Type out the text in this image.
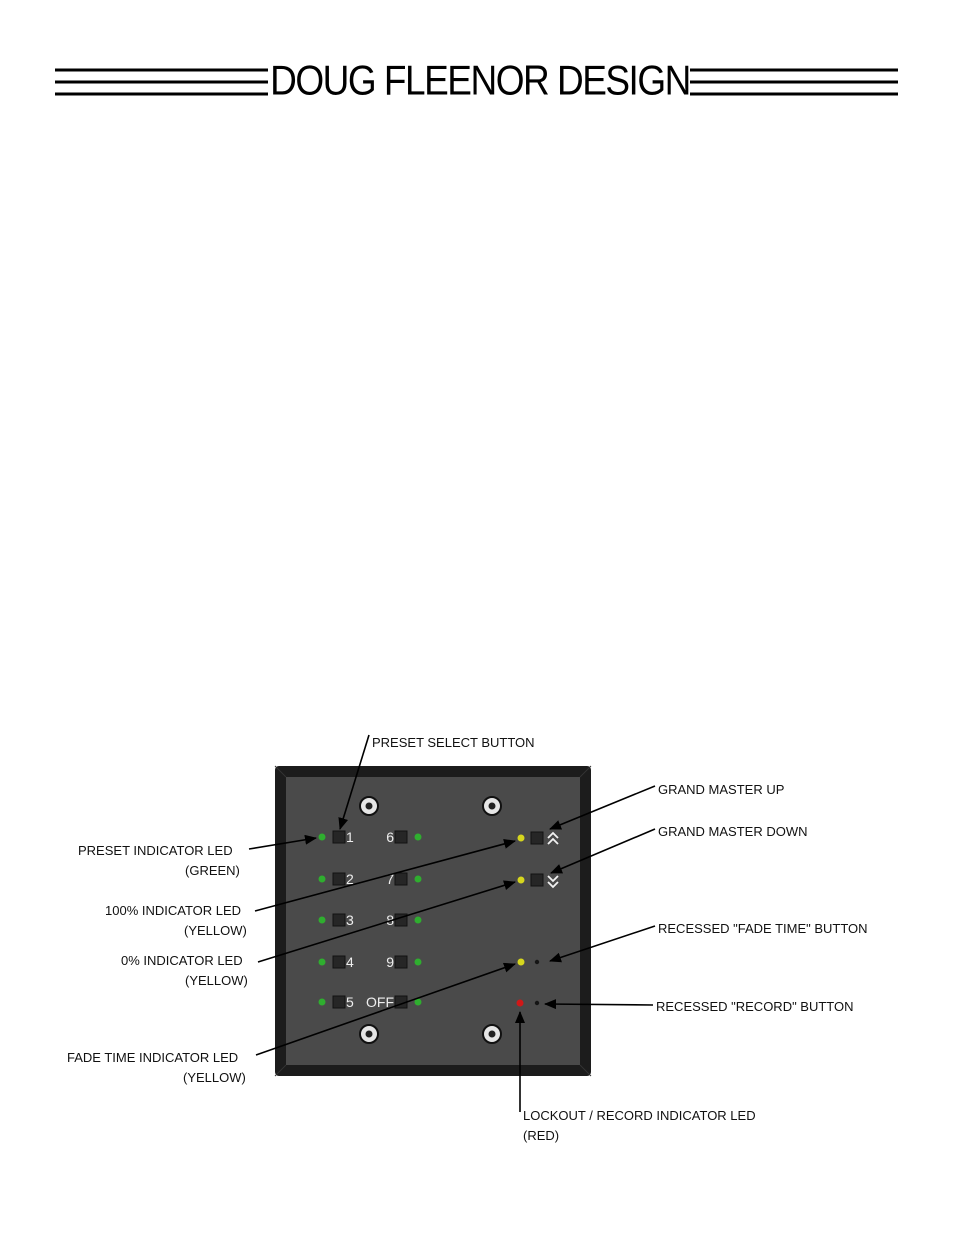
DOUG FLEENOR DESIGN
1
2
3
4
5
6
7
8
9
OFF
PRESET SELECT BUTTON
GRAND MASTER UP
GRAND MASTER DOWN
PRESET INDICATOR LED
(GREEN)
100% INDICATOR LED
(YELLOW)	RECESSED "FADE TIME" BUTTON
0% INDICATOR LED
(YELLOW)
RECESSED "RECORD" BUTTON
FADE TIME INDICATOR LED
(YELLOW)
LOCKOUT / RECORD INDICATOR LED
(RED)
